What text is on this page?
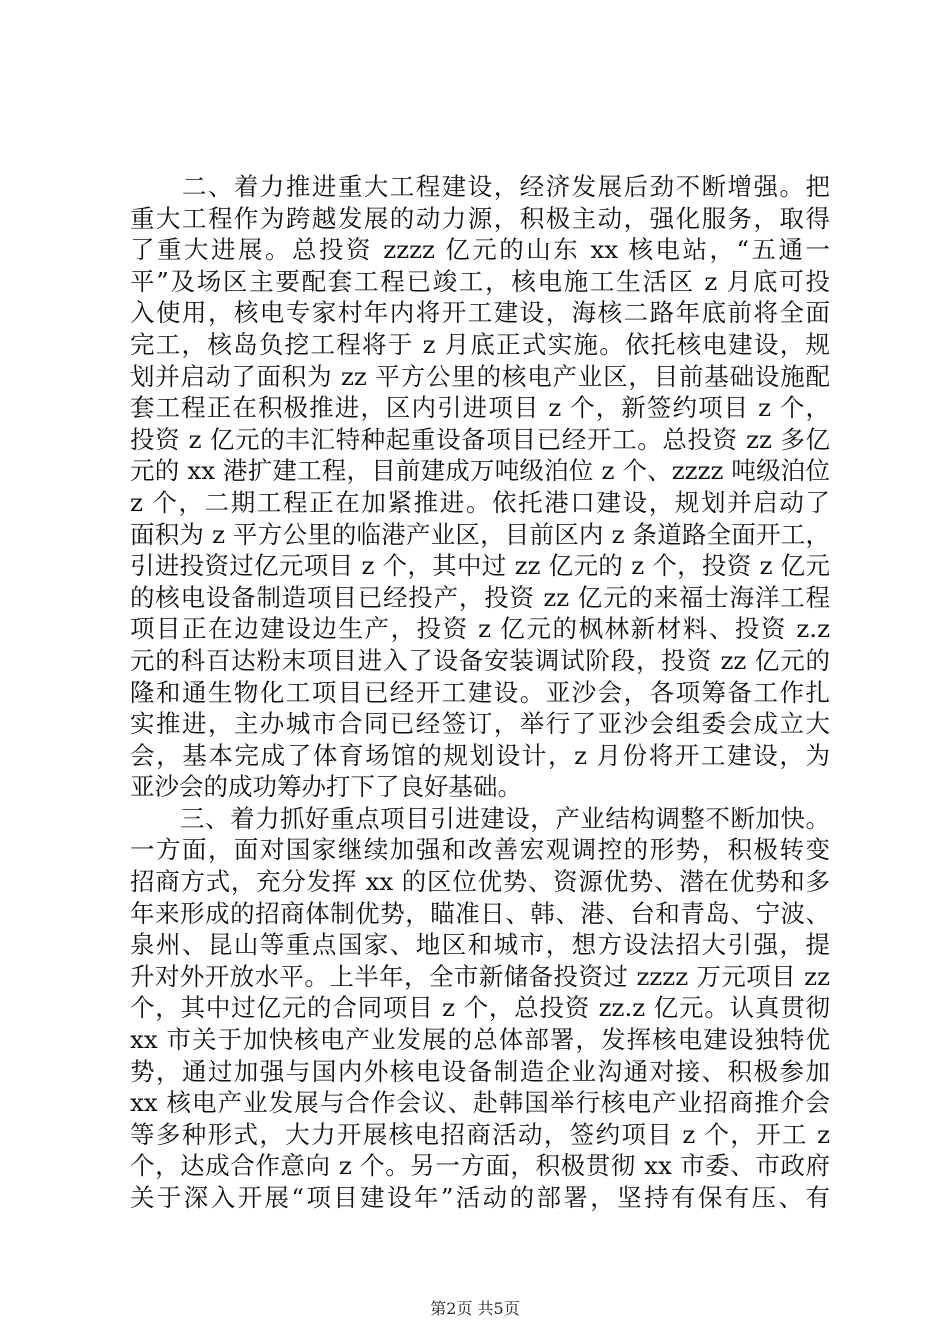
　　二、着力推进重大工程建设，经济发展后劲不断增强。把
重大工程作为跨越发展的动力源，积极主动，强化服务，取得
了重大进展。总投资 zzzz 亿元的山东 xx 核电站，“五通一
平”及场区主要配套工程已竣工，核电施工生活区 z 月底可投
入使用，核电专家村年内将开工建设，海核二路年底前将全面
完工，核岛负挖工程将于 z 月底正式实施。依托核电建设，规
划并启动了面积为 zz 平方公里的核电产业区，目前基础设施配
套工程正在积极推进，区内引进项目 z 个，新签约项目 z 个，
投资 z 亿元的丰汇特种起重设备项目已经开工。总投资 zz 多亿
元的 xx 港扩建工程，目前建成万吨级泊位 z 个、zzzz 吨级泊位
z 个，二期工程正在加紧推进。依托港口建设，规划并启动了
面积为 z 平方公里的临港产业区，目前区内 z 条道路全面开工，
引进投资过亿元项目 z 个，其中过 zz 亿元的 z 个，投资 z 亿元
的核电设备制造项目已经投产，投资 zz 亿元的来福士海洋工程
项目正在边建设边生产，投资 z 亿元的枫林新材料、投资 z.z
元的科百达粉末项目进入了设备安装调试阶段，投资 zz 亿元的
隆和通生物化工项目已经开工建设。亚沙会，各项筹备工作扎
实推进，主办城市合同已经签订，举行了亚沙会组委会成立大
会，基本完成了体育场馆的规划设计，z 月份将开工建设，为
亚沙会的成功筹办打下了良好基础。
　　三、着力抓好重点项目引进建设，产业结构调整不断加快。
一方面，面对国家继续加强和改善宏观调控的形势，积极转变
招商方式，充分发挥 xx 的区位优势、资源优势、潜在优势和多
年来形成的招商体制优势，瞄准日、韩、港、台和青岛、宁波、
泉州、昆山等重点国家、地区和城市，想方设法招大引强，提
升对外开放水平。上半年，全市新储备投资过 zzzz 万元项目 zz
个，其中过亿元的合同项目 z 个，总投资 zz.z 亿元。认真贯彻
xx 市关于加快核电产业发展的总体部署，发挥核电建设独特优
势，通过加强与国内外核电设备制造企业沟通对接、积极参加
xx 核电产业发展与合作会议、赴韩国举行核电产业招商推介会
等多种形式，大力开展核电招商活动，签约项目 z 个，开工 z
个，达成合作意向 z 个。另一方面，积极贯彻 xx 市委、市政府
关于深入开展“项目建设年”活动的部署，坚持有保有压、有
第2页 共5页
